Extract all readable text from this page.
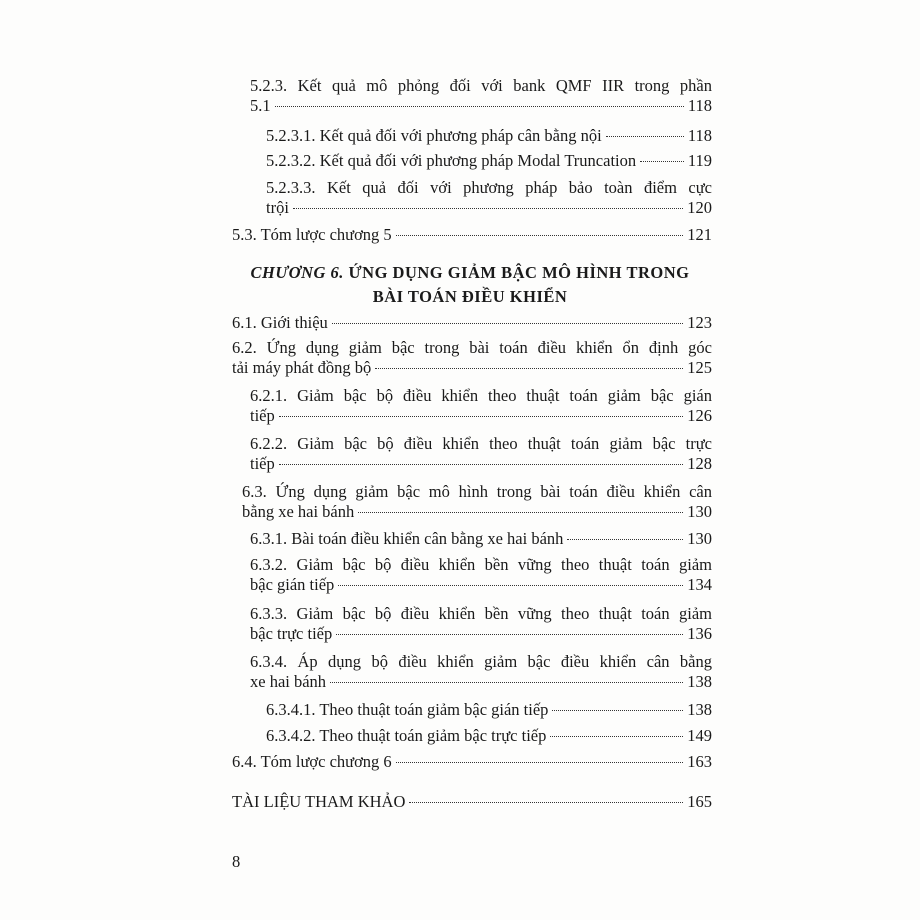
5.2.3. Kết quả mô phỏng đối với bank QMF IIR trong phần
5.1	118
5.2.3.1. Kết quả đối với phương pháp cân bằng nội	118
5.2.3.2. Kết quả đối với phương pháp Modal Truncation	119
5.2.3.3. Kết quả đối với phương pháp bảo toàn điểm cực
trội	120
5.3. Tóm lược chương 5	121
CHƯƠNG 6. ỨNG DỤNG GIẢM BẬC MÔ HÌNH TRONG
BÀI TOÁN ĐIỀU KHIỂN
6.1. Giới thiệu	123
6.2. Ứng dụng giảm bậc trong bài toán điều khiển ổn định góc
tải máy phát đồng bộ	125
6.2.1. Giảm bậc bộ điều khiển theo thuật toán giảm bậc gián
tiếp	126
6.2.2. Giảm bậc bộ điều khiển theo thuật toán giảm bậc trực
tiếp	128
6.3. Ứng dụng giảm bậc mô hình trong bài toán điều khiển cân
bằng xe hai bánh	130
6.3.1. Bài toán điều khiển cân bằng xe hai bánh	130
6.3.2. Giảm bậc bộ điều khiển bền vững theo thuật toán giảm
bậc gián tiếp	134
6.3.3. Giảm bậc bộ điều khiển bền vững theo thuật toán giảm
bậc trực tiếp	136
6.3.4. Áp dụng bộ điều khiển giảm bậc điều khiển cân bằng
xe hai bánh	138
6.3.4.1. Theo thuật toán giảm bậc gián tiếp	138
6.3.4.2. Theo thuật toán giảm bậc trực tiếp	149
6.4. Tóm lược chương 6	163
TÀI LIỆU THAM KHẢO	165
8
